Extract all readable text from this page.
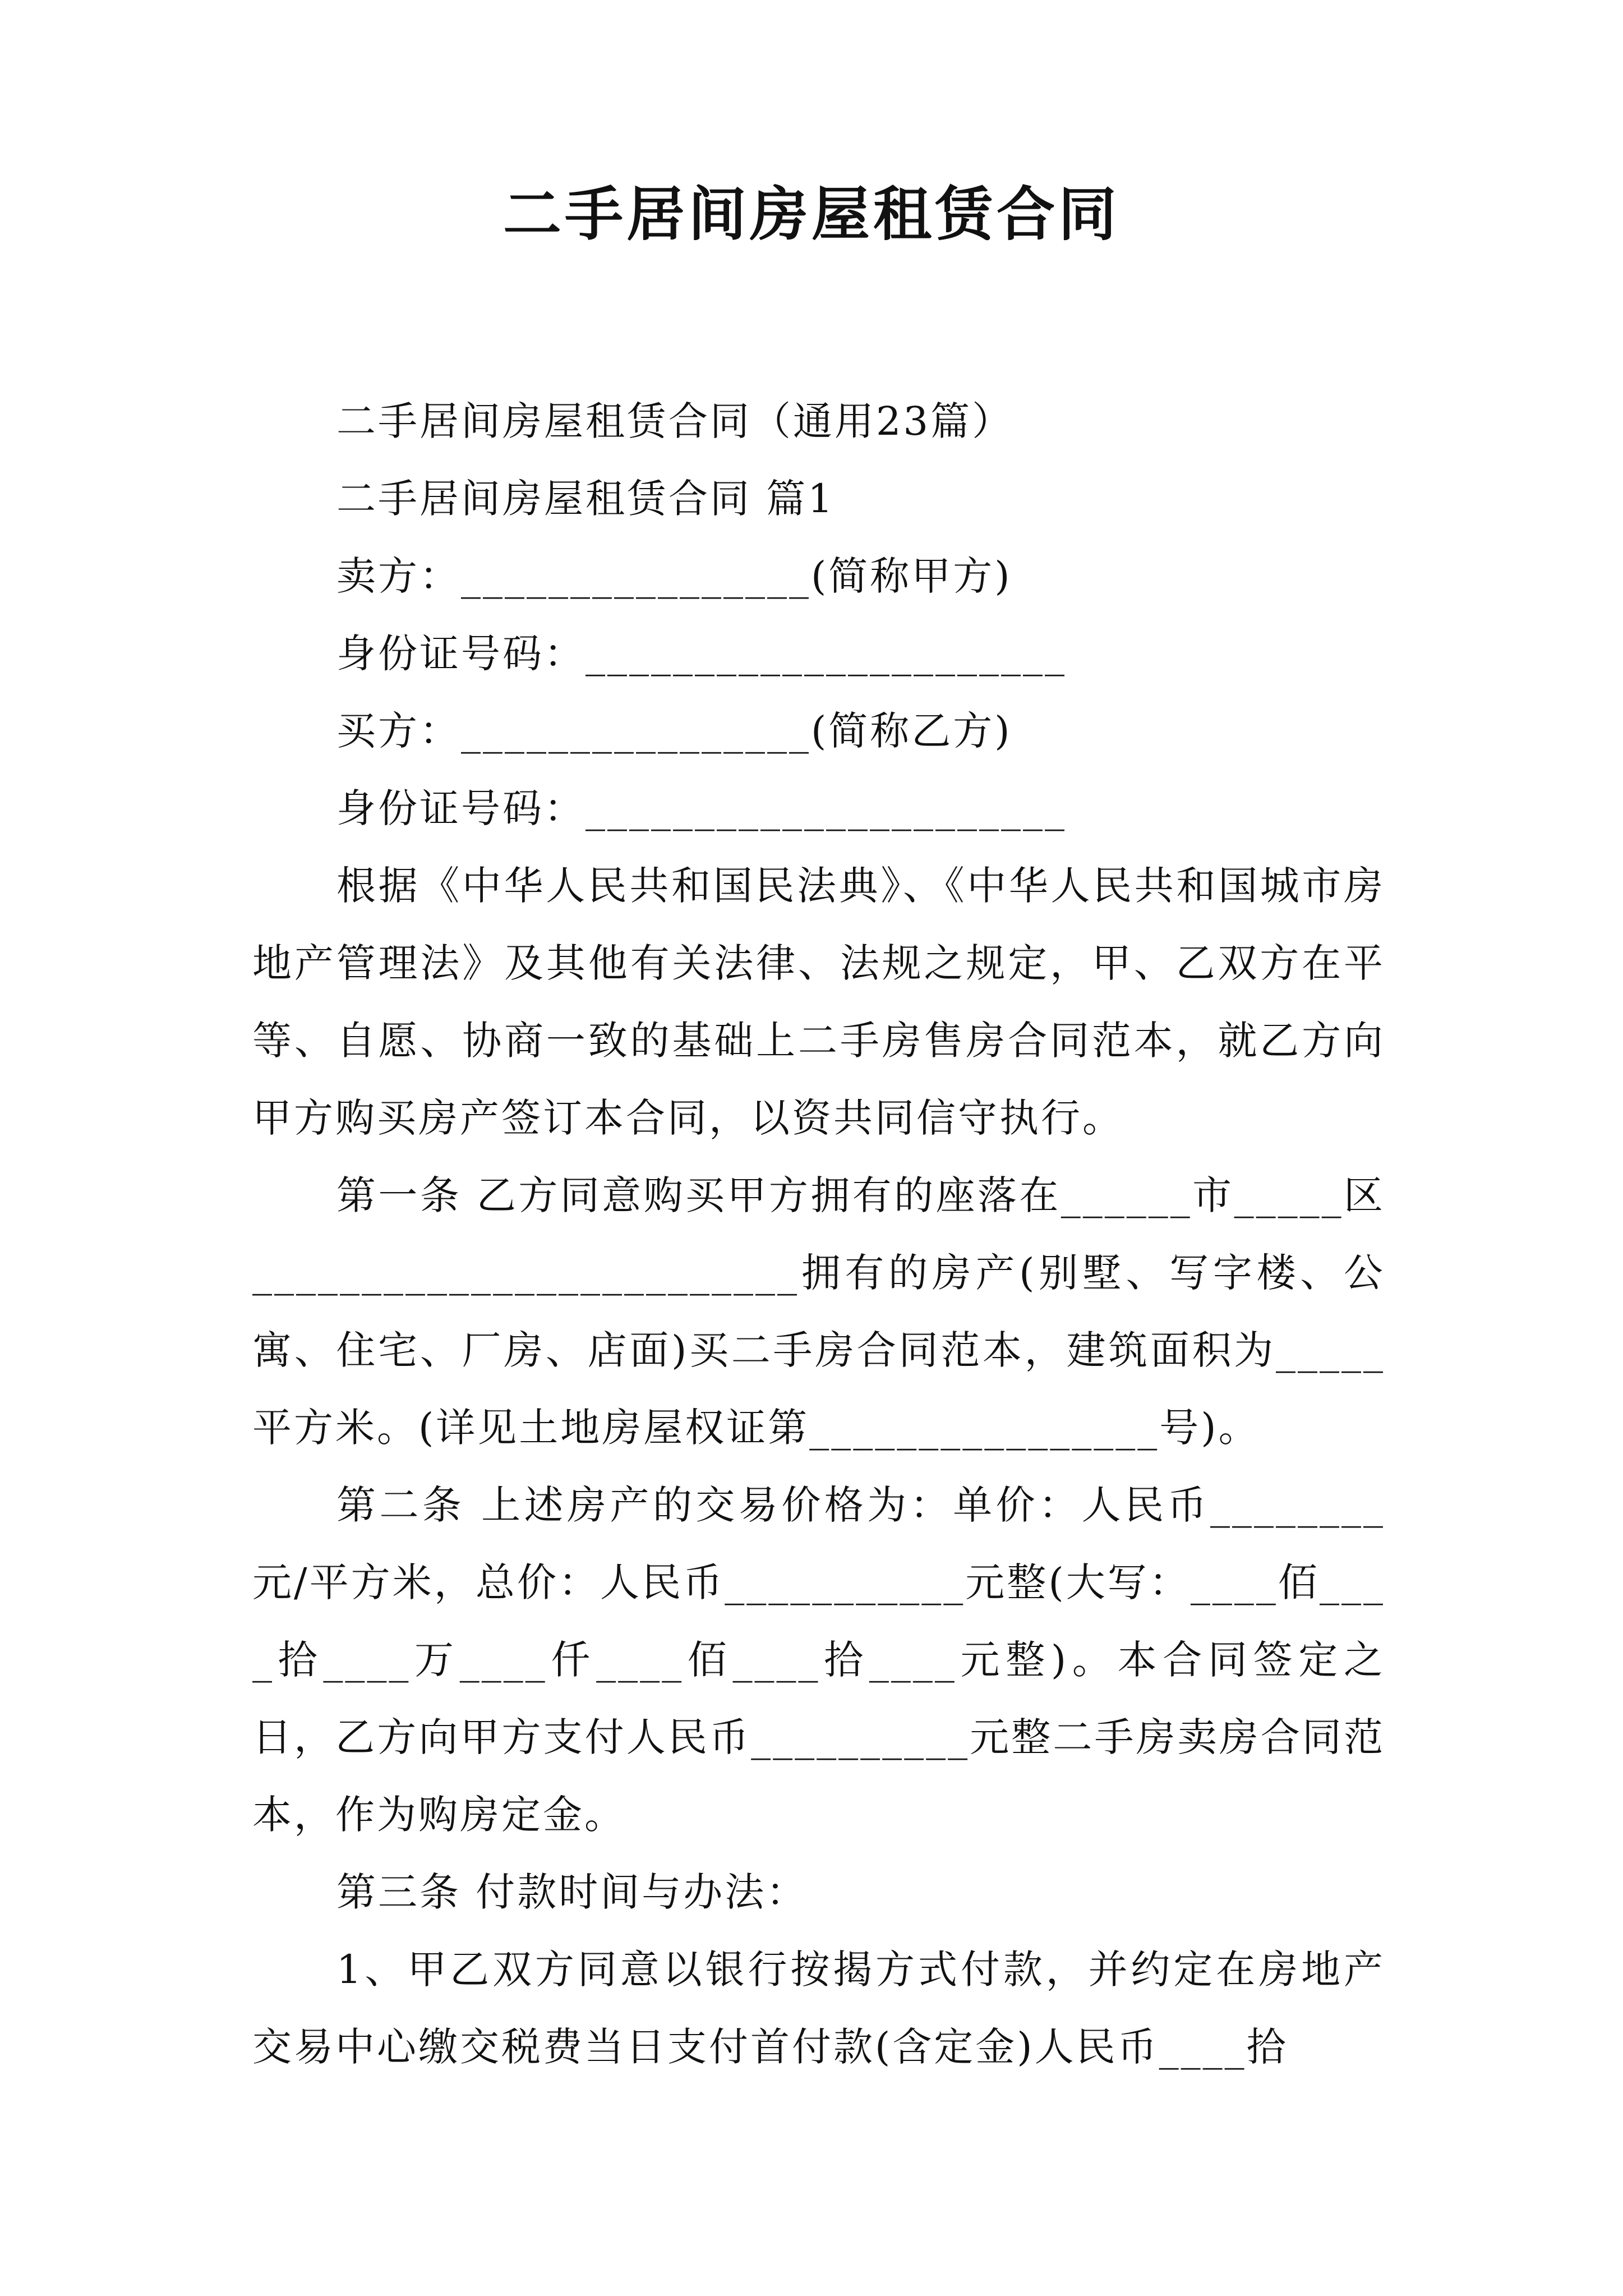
二手居间房屋租赁合同

二手居间房屋租赁合同（通用23篇）

二手居间房屋租赁合同 篇1

卖方：________________(简称甲方)

身份证号码：______________________

买方：________________(简称乙方)

身份证号码：______________________

根据《中华人民共和国民法典》、《中华人民共和国城市房地产管理法》及其他有关法律、法规之规定，甲、乙双方在平等、自愿、协商一致的基础上二手房售房合同范本，就乙方向甲方购买房产签订本合同，以资共同信守执行。

第一条 乙方同意购买甲方拥有的座落在______市_____区_________________________拥有的房产(别墅、写字楼、公寓、住宅、厂房、店面)买二手房合同范本，建筑面积为_____平方米。(详见土地房屋权证第________________号)。

第二条 上述房产的交易价格为：单价：人民币________元/平方米，总价：人民币___________元整(大写：____佰____拾____万____仟____佰____拾____元整)。本合同签定之日，乙方向甲方支付人民币__________元整二手房卖房合同范本，作为购房定金。

第三条 付款时间与办法：

1、甲乙双方同意以银行按揭方式付款，并约定在房地产交易中心缴交税费当日支付首付款(含定金)人民币____拾
